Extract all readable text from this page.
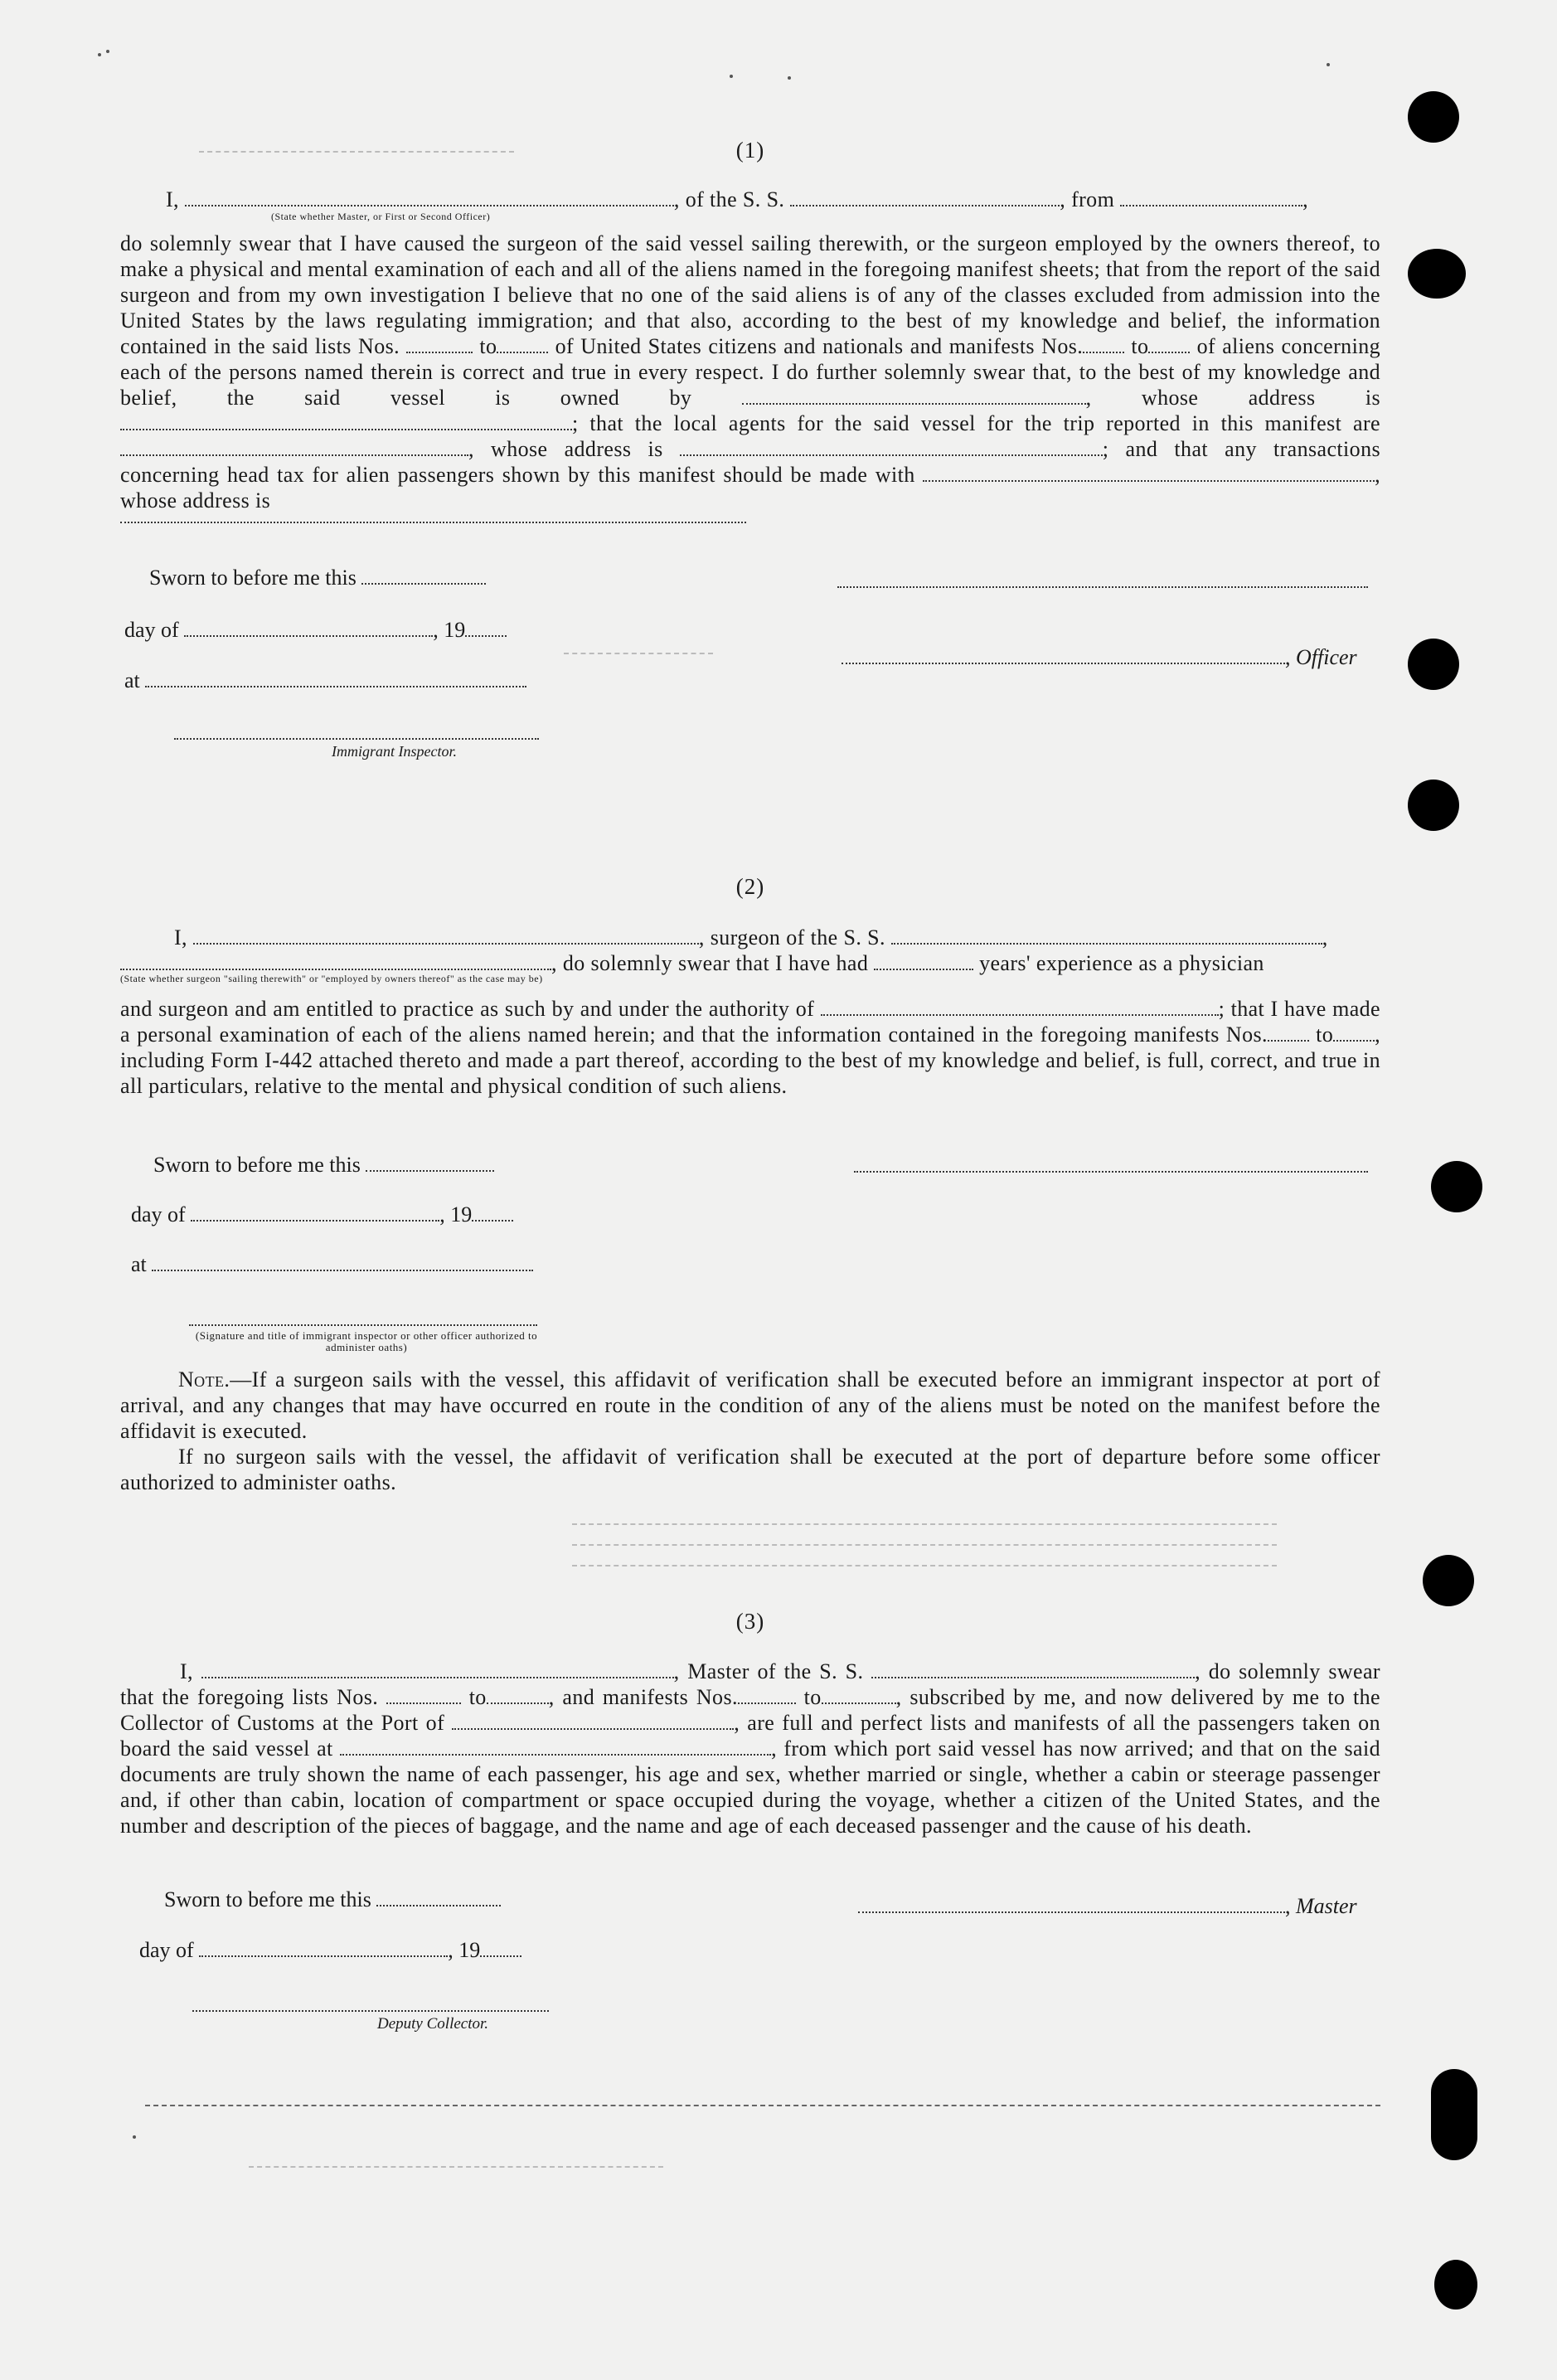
(1)

I,	, of the S. S.	, from	,

(State whether Master, or First or Second Officer)

do solemnly swear that I have caused the surgeon of the said vessel sailing therewith, or the surgeon employed by the owners thereof, to make a physical and mental examination of each and all of the aliens named in the foregoing manifest sheets; that from the report of the said surgeon and from my own investigation I believe that no one of the said aliens is of any of the classes excluded from admission into the United States by the laws regulating immigration; and that also, according to the best of my knowledge and belief, the information contained in the said lists Nos.	to	of United States citizens and nationals and manifests Nos. to of aliens concerning each of the persons named therein is correct and true in every respect. I do further solemnly swear that, to the best of my knowledge and belief, the said vessel is owned by	, whose address is ; that the local agents for the said vessel for the trip reported in this manifest are , whose address is	; and that any transactions concerning head tax for alien passengers shown by this manifest should be made with	, whose address is

Sworn to before me this
day of	, 19
at
Immigrant Inspector.
, Officer
(2)

I,	, surgeon of the S. S.	,

, do solemnly swear that I have had	years' experience as a physician

(State whether surgeon "sailing therewith" or "employed by owners thereof" as the case may be)

and surgeon and am entitled to practice as such by and under the authority of	; that I have made a personal examination of each of the aliens named herein; and that the information contained in the foregoing manifests Nos. to , including Form I-442 attached thereto and made a part thereof, according to the best of my knowledge and belief, is full, correct, and true in all particulars, relative to the mental and physical condition of such aliens.

Sworn to before me this
day of	, 19
at
(Signature and title of immigrant inspector or other officer authorized to administer oaths)

Note.—If a surgeon sails with the vessel, this affidavit of verification shall be executed before an immigrant inspector at port of arrival, and any changes that may have occurred en route in the condition of any of the aliens must be noted on the manifest before the affidavit is executed.

If no surgeon sails with the vessel, the affidavit of verification shall be executed at the port of departure before some officer authorized to administer oaths.

(3)

I,	, Master of the S. S.	, do solemnly swear that the foregoing lists Nos.	to	, and manifests Nos.	to	, subscribed by me, and now delivered by me to the Collector of Customs at the Port of	, are full and perfect lists and manifests of all the passengers taken on board the said vessel at	, from which port said vessel has now arrived; and that on the said documents are truly shown the name of each passenger, his age and sex, whether married or single, whether a cabin or steerage passenger and, if other than cabin, location of compartment or space occupied during the voyage, whether a citizen of the United States, and the number and description of the pieces of baggage, and the name and age of each deceased passenger and the cause of his death.

Sworn to before me this
day of	, 19
Deputy Collector.
, Master
